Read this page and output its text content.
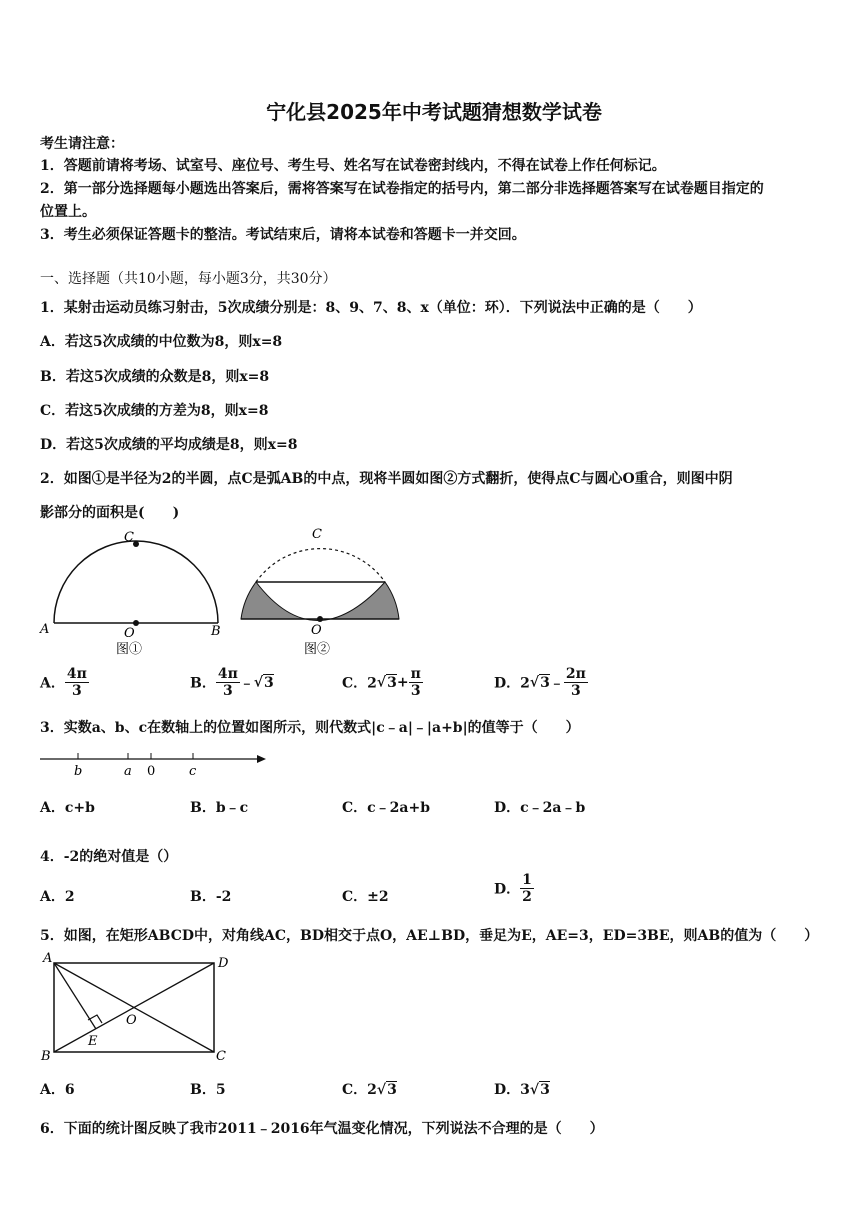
宁化县2025年中考试题猜想数学试卷
考生请注意：
1．答题前请将考场、试室号、座位号、考生号、姓名写在试卷密封线内，不得在试卷上作任何标记。
2．第一部分选择题每小题选出答案后，需将答案写在试卷指定的括号内，第二部分非选择题答案写在试卷题目指定的
位置上。
3．考生必须保证答题卡的整洁。考试结束后，请将本试卷和答题卡一并交回。
一、选择题（共10小题，每小题3分，共30分）
1．某射击运动员练习射击，5次成绩分别是：8、9、7、8、x（单位：环）．下列说法中正确的是（　　）
A．若这5次成绩的中位数为8，则x=8
B．若这5次成绩的众数是8，则x=8
C．若这5次成绩的方差为8，则x=8
D．若这5次成绩的平均成绩是8，则x=8
2．如图①是半径为2的半圆，点C是弧AB的中点，现将半圆如图②方式翻折，使得点C与圆心O重合，则图中阴
影部分的面积是(　　)
C
A	B
O
图①
C
O
图②
A． $\frac{4\pi}{3}$	B． $\frac{4\pi}{3}$ ﹣√3	C．$2√3+ \frac{\pi}{3}$	D．2√3﹣ $\frac{2\pi}{3}$
3．实数a、b、c在数轴上的位置如图所示，则代数式|c﹣a|﹣|a+b|的值等于（　　）
b	a 0	c
A．c+b	B．b﹣c	C．c﹣2a+b	D．c﹣2a﹣b
4．-2的绝对值是（）
A．2	B．-2	C．±2	D． $\frac{1}{2}$
5．如图，在矩形ABCD中，对角线AC，BD相交于点O，AE⊥BD，垂足为E，AE=3，ED=3BE，则AB的值为（　　）
A	D
B	C
E
O
A．6	B．5	C．2√3	D．3√3
6．下面的统计图反映了我市2011﹣2016年气温变化情况，下列说法不合理的是（　　）
